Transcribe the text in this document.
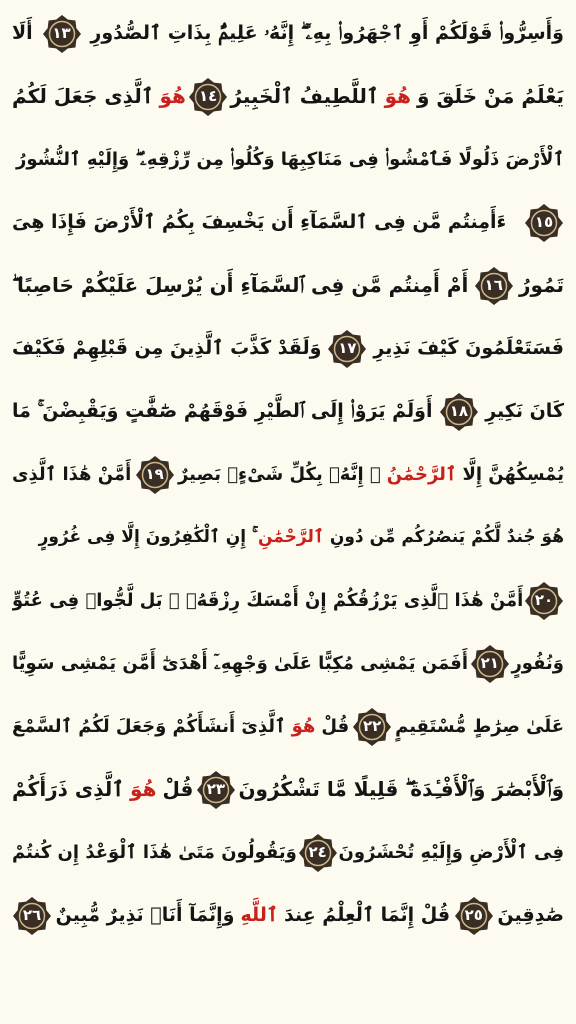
وَأَسِرُّوا۟ قَوْلَكُمْ أَوِ ٱجْهَرُوا۟ بِهِۦٓ ۖ إِنَّهُۥ عَلِيمٌۢ بِذَاتِ ٱلصُّدُورِ
١٣
أَلَا
يَعْلَمُ مَنْ خَلَقَ وَ
هُوَ
ٱللَّطِيفُ ٱلْخَبِيرُ
١٤
هُوَ
ٱلَّذِى جَعَلَ لَكُمُ
ٱلْأَرْضَ ذَلُولًا فَٱمْشُوا۟ فِى مَنَاكِبِهَا وَكُلُوا۟ مِن رِّزْقِهِۦ ۖ وَإِلَيْهِ ٱلنُّشُورُ
١٥
ءَأَمِنتُم مَّن فِى ٱلسَّمَآءِ أَن يَخْسِفَ بِكُمُ ٱلْأَرْضَ فَإِذَا هِىَ
تَمُورُ
١٦
أَمْ أَمِنتُم مَّن فِى ٱلسَّمَآءِ أَن يُرْسِلَ عَلَيْكُمْ حَاصِبًا ۖ
فَسَتَعْلَمُونَ كَيْفَ نَذِيرِ
١٧
وَلَقَدْ كَذَّبَ ٱلَّذِينَ مِن قَبْلِهِمْ فَكَيْفَ
كَانَ نَكِيرِ
١٨
أَوَلَمْ يَرَوْا۟ إِلَى ٱلطَّيْرِ فَوْقَهُمْ صَٰٓفَّٰتٍ وَيَقْبِضْنَ ۚ مَا
يُمْسِكُهُنَّ إِلَّا
ٱلرَّحْمَٰنُ
ۚ إِنَّهُۥ بِكُلِّ شَىْءٍۭ بَصِيرٌ
١٩
أَمَّنْ هَٰذَا ٱلَّذِى
هُوَ جُندٌ لَّكُمْ يَنصُرُكُم مِّن دُونِ
ٱلرَّحْمَٰنِ
ۚ إِنِ ٱلْكَٰفِرُونَ إِلَّا فِى غُرُورٍ
٢٠
أَمَّنْ هَٰذَا ٱلَّذِى يَرْزُقُكُمْ إِنْ أَمْسَكَ رِزْقَهُۥ ۚ بَل لَّجُّوا۟ فِى عُتُوٍّ
وَنُفُورٍ
٢١
أَفَمَن يَمْشِى مُكِبًّا عَلَىٰ وَجْهِهِۦٓ أَهْدَىٰٓ أَمَّن يَمْشِى سَوِيًّا
عَلَىٰ صِرَٰطٍ مُّسْتَقِيمٍ
٢٢
قُلْ
هُوَ
ٱلَّذِىٓ أَنشَأَكُمْ وَجَعَلَ لَكُمُ ٱلسَّمْعَ
وَٱلْأَبْصَٰرَ وَٱلْأَفْـِٔدَةَ ۖ قَلِيلًا مَّا تَشْكُرُونَ
٢٣
قُلْ
هُوَ
ٱلَّذِى ذَرَأَكُمْ
فِى ٱلْأَرْضِ وَإِلَيْهِ تُحْشَرُونَ
٢٤
وَيَقُولُونَ مَتَىٰ هَٰذَا ٱلْوَعْدُ إِن كُنتُمْ
صَٰدِقِينَ
٢٥
قُلْ إِنَّمَا ٱلْعِلْمُ عِندَ
ٱللَّهِ
وَإِنَّمَآ أَنَا۠ نَذِيرٌ مُّبِينٌ
٢٦
